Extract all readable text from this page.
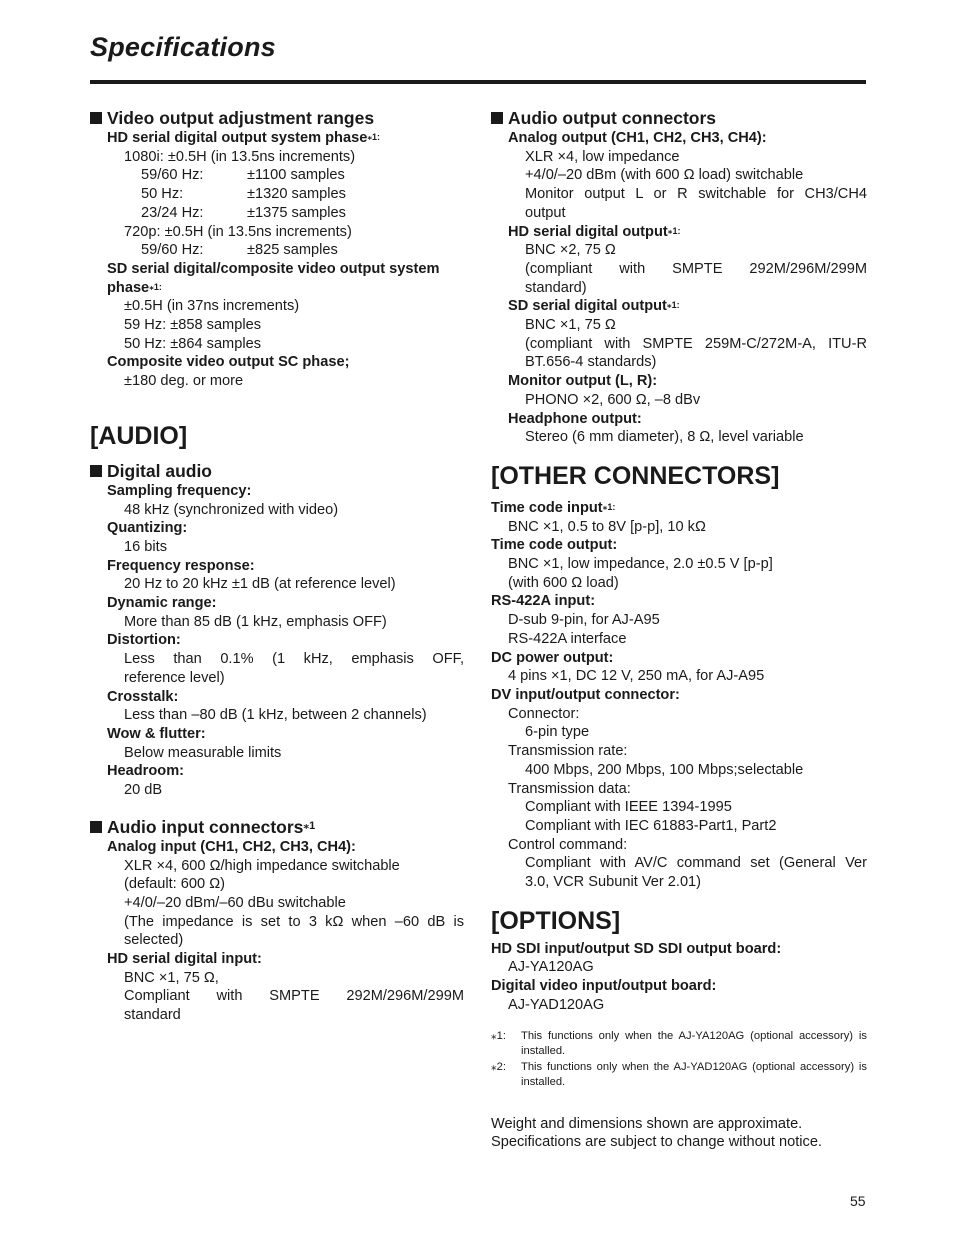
Specifications
Video output adjustment ranges
HD serial digital output system phase$^{⁎1:}$
1080i: ±0.5H (in 13.5ns increments)
59/60 Hz:	±1100 samples
50 Hz:	±1320 samples
23/24 Hz:	±1375 samples
720p: ±0.5H (in 13.5ns increments)
59/60 Hz:	±825 samples
SD serial digital/composite video output system
phase$^{⁎1:}$
±0.5H (in 37ns increments)
59 Hz: ±858 samples
50 Hz: ±864 samples
Composite video output SC phase;
±180 deg. or more
[AUDIO]
Digital audio
Sampling frequency:
48 kHz (synchronized with video)
Quantizing:
16 bits
Frequency response:
20 Hz to 20 kHz ±1 dB (at reference level)
Dynamic range:
More than 85 dB (1 kHz, emphasis OFF)
Distortion:
Less than 0.1% (1 kHz, emphasis OFF,
reference level)
Crosstalk:
Less than –80 dB (1 kHz, between 2 channels)
Wow & flutter:
Below measurable limits
Headroom:
20 dB
Audio input connectors$^{⁎1}$
Analog input (CH1, CH2, CH3, CH4):
XLR ×4, 600 Ω/high impedance switchable
(default: 600 Ω)
+4/0/–20 dBm/–60 dBu switchable
(The impedance is set to 3 kΩ when –60 dB is
selected)
HD serial digital input:
BNC ×1, 75 Ω,
Compliant with SMPTE 292M/296M/299M
standard
Audio output connectors
Analog output (CH1, CH2, CH3, CH4):
XLR ×4, low impedance
+4/0/–20 dBm (with 600 Ω load) switchable
Monitor output L or R switchable for CH3/CH4
output
HD serial digital output$^{⁎1:}$
BNC ×2, 75 Ω
(compliant with SMPTE 292M/296M/299M
standard)
SD serial digital output$^{⁎1:}$
BNC ×1, 75 Ω
(compliant with SMPTE 259M-C/272M-A, ITU-R
BT.656-4 standards)
Monitor output (L, R):
PHONO ×2, 600 Ω, –8 dBv
Headphone output:
Stereo (6 mm diameter), 8 Ω, level variable
[OTHER CONNECTORS]
Time code input$^{⁎1:}$
BNC ×1, 0.5 to 8V [p-p], 10 kΩ
Time code output:
BNC ×1, low impedance, 2.0 ±0.5 V [p-p]
(with 600 Ω load)
RS-422A input:
D-sub 9-pin, for AJ-A95
RS-422A interface
DC power output:
4 pins ×1, DC 12 V, 250 mA, for AJ-A95
DV input/output connector:
Connector:
6-pin type
Transmission rate:
400 Mbps, 200 Mbps, 100 Mbps;selectable
Transmission data:
Compliant with IEEE 1394-1995
Compliant with IEC 61883-Part1, Part2
Control command:
Compliant with AV/C command set (General Ver
3.0, VCR Subunit Ver 2.01)
[OPTIONS]
HD SDI input/output SD SDI output board:
AJ-YA120AG
Digital video input/output board:
AJ-YAD120AG
⁎1:	This functions only when the AJ-YA120AG (optional accessory) is installed.
⁎2:	This functions only when the AJ-YAD120AG (optional accessory) is installed.
Weight and dimensions shown are approximate.
Specifications are subject to change without notice.
55
